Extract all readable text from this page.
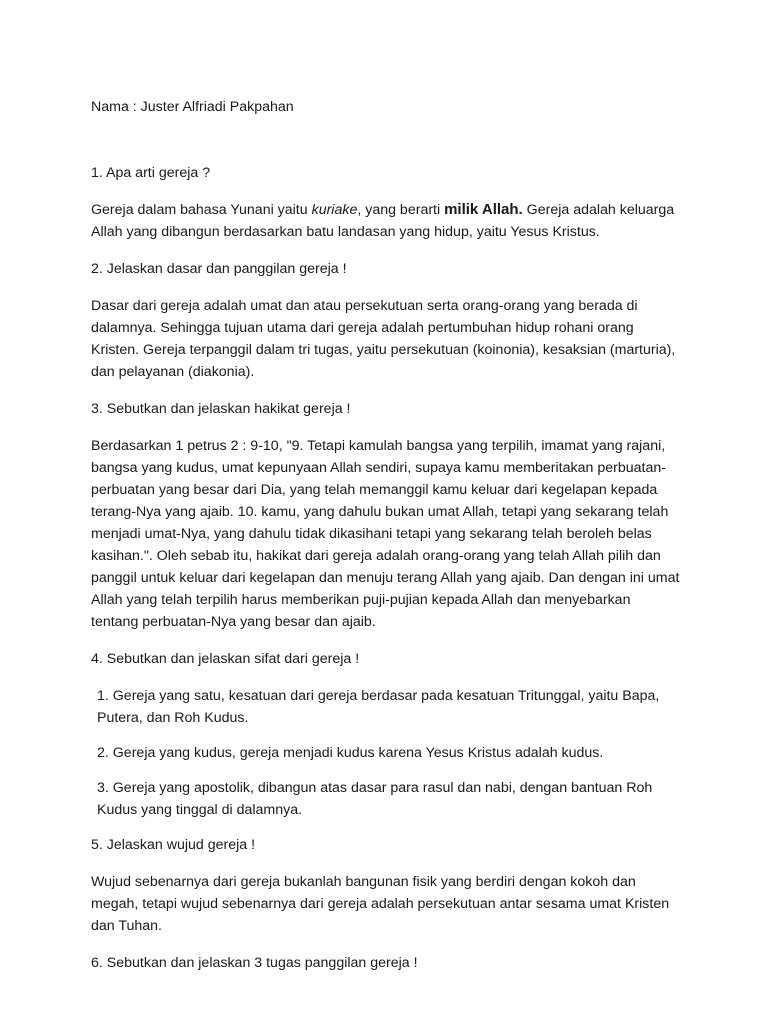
Nama : Juster Alfriadi Pakpahan

1. Apa arti gereja ?

Gereja dalam bahasa Yunani yaitu kuriake, yang berarti milik Allah. Gereja adalah keluarga Allah yang dibangun berdasarkan batu landasan yang hidup, yaitu Yesus Kristus.

2. Jelaskan dasar dan panggilan gereja !

Dasar dari gereja adalah umat dan atau persekutuan serta orang-orang yang berada di dalamnya. Sehingga tujuan utama dari gereja adalah pertumbuhan hidup rohani orang Kristen. Gereja terpanggil dalam tri tugas, yaitu persekutuan (koinonia), kesaksian (marturia), dan pelayanan (diakonia).

3. Sebutkan dan jelaskan hakikat gereja !

Berdasarkan 1 petrus 2 : 9-10, "9. Tetapi kamulah bangsa yang terpilih, imamat yang rajani, bangsa yang kudus, umat kepunyaan Allah sendiri, supaya kamu memberitakan perbuatan-perbuatan yang besar dari Dia, yang telah memanggil kamu keluar dari kegelapan kepada terang-Nya yang ajaib. 10. kamu, yang dahulu bukan umat Allah, tetapi yang sekarang telah menjadi umat-Nya, yang dahulu tidak dikasihani tetapi yang sekarang telah beroleh belas kasihan.". Oleh sebab itu, hakikat dari gereja adalah orang-orang yang telah Allah pilih dan panggil untuk keluar dari kegelapan dan menuju terang Allah yang ajaib. Dan dengan ini umat Allah yang telah terpilih harus memberikan puji-pujian kepada Allah dan menyebarkan tentang perbuatan-Nya yang besar dan ajaib.

4. Sebutkan dan jelaskan sifat dari gereja !

1. Gereja yang satu, kesatuan dari gereja berdasar pada kesatuan Tritunggal, yaitu Bapa, Putera, dan Roh Kudus.

2. Gereja yang kudus, gereja menjadi kudus karena Yesus Kristus adalah kudus.

3. Gereja yang apostolik, dibangun atas dasar para rasul dan nabi, dengan bantuan Roh Kudus yang tinggal di dalamnya.

5. Jelaskan wujud gereja !

Wujud sebenarnya dari gereja bukanlah bangunan fisik yang berdiri dengan kokoh dan megah, tetapi wujud sebenarnya dari gereja adalah persekutuan antar sesama umat Kristen dan Tuhan.

6. Sebutkan dan jelaskan 3 tugas panggilan gereja !
